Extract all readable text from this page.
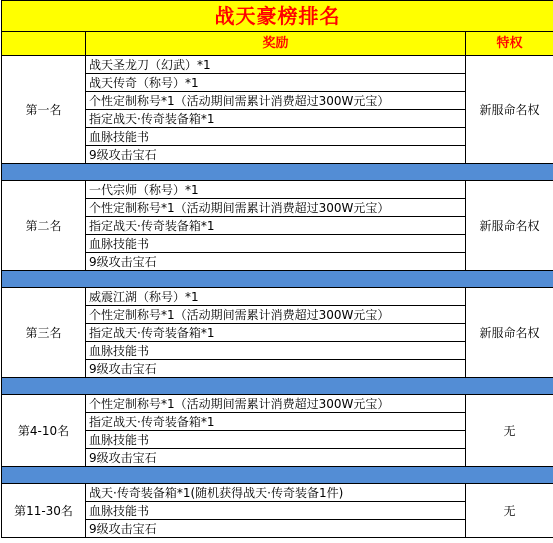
战天豪榜排名		
	奖励	特权
第一名	战天圣龙刀（幻武）*1	新服命名权
	战天传奇（称号）*1	
	个性定制称号*1（活动期间需累计消费超过300W元宝）	
	指定战天·传奇装备箱*1	
	血脉技能书	
	9级攻击宝石	

第二名	一代宗师（称号）*1	新服命名权
	个性定制称号*1（活动期间需累计消费超过300W元宝）	
	指定战天·传奇装备箱*1	
	血脉技能书	
	9级攻击宝石	

第三名	威震江湖（称号）*1	新服命名权
	个性定制称号*1（活动期间需累计消费超过300W元宝）	
	指定战天·传奇装备箱*1	
	血脉技能书	
	9级攻击宝石	

第4-10名	个性定制称号*1（活动期间需累计消费超过300W元宝）	无
	指定战天·传奇装备箱*1	
	血脉技能书	
	9级攻击宝石	

第11-30名	战天·传奇装备箱*1(随机获得战天·传奇装备1件)	无
	血脉技能书	
	9级攻击宝石	
